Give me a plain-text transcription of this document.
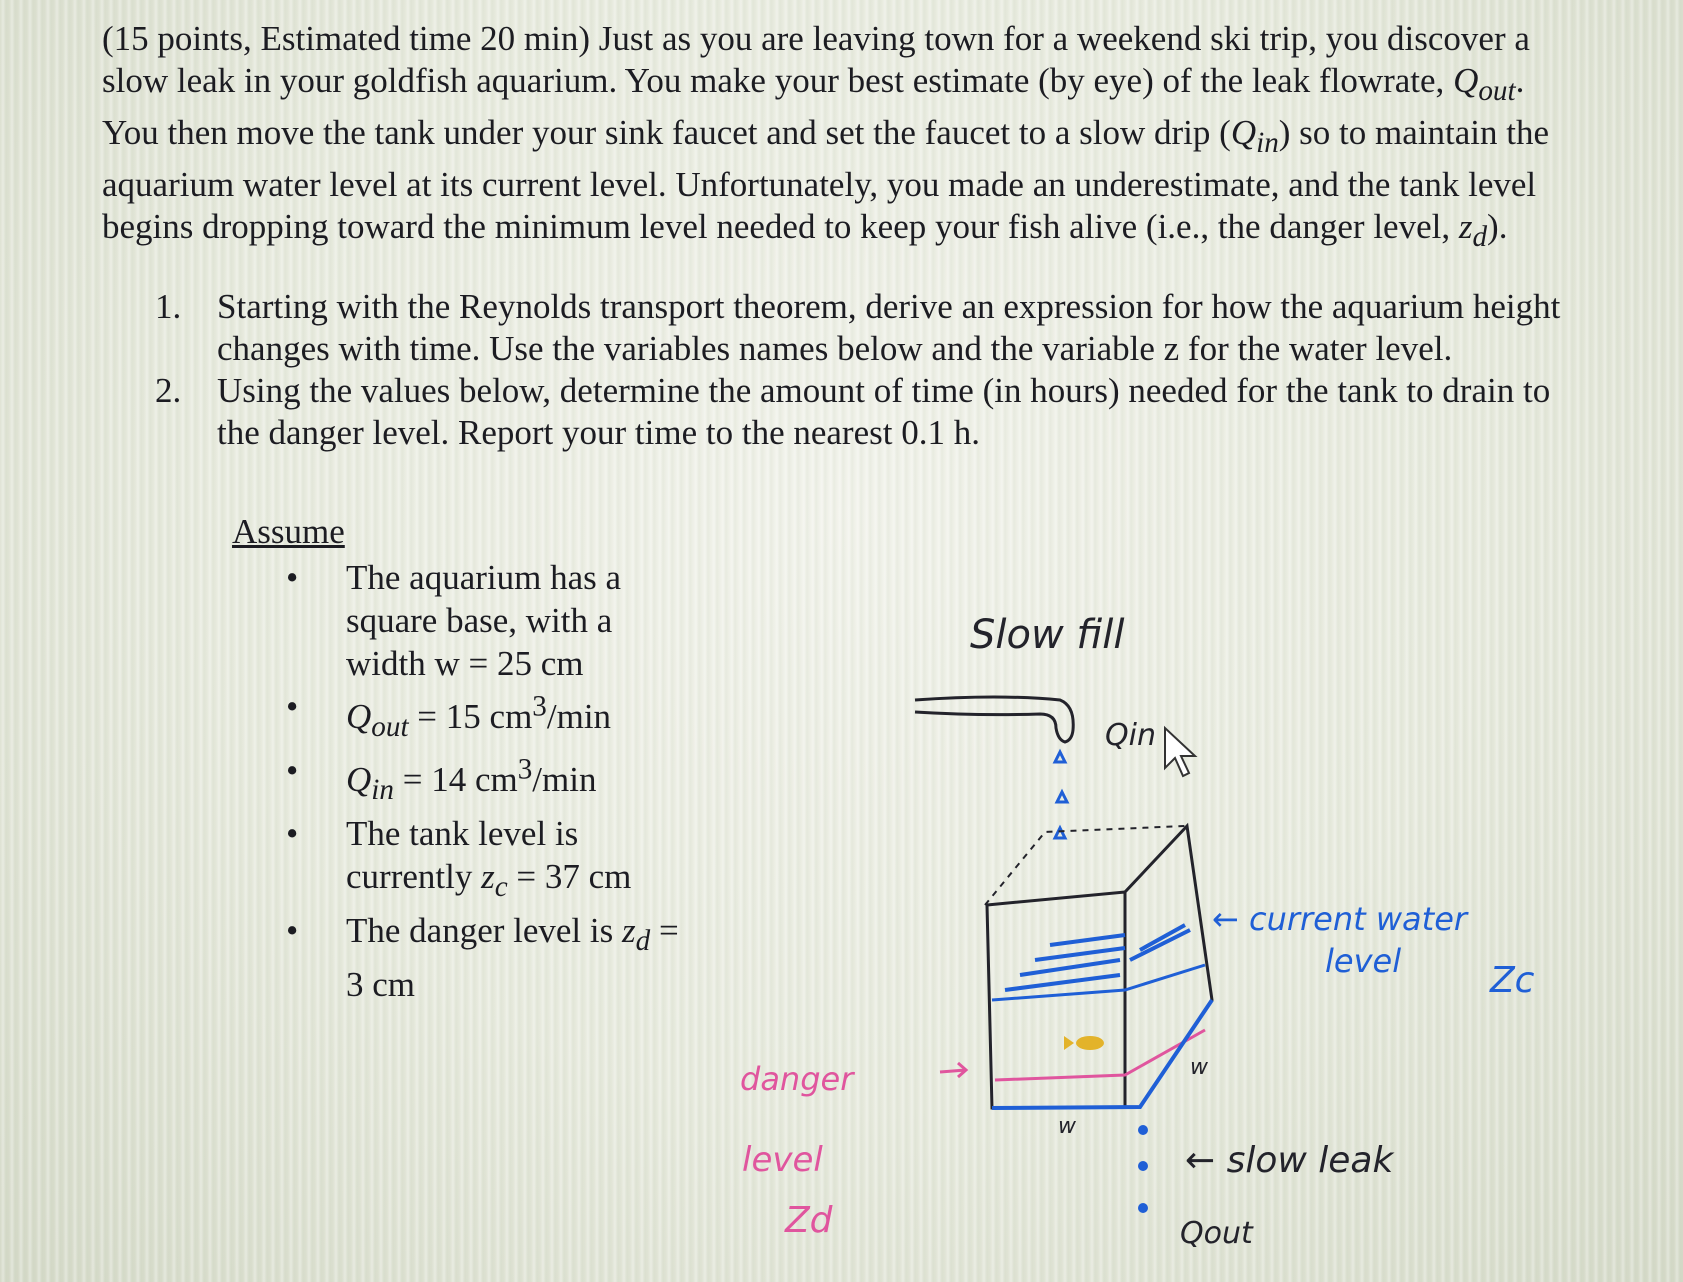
(15 points, Estimated time 20 min) Just as you are leaving town for a weekend ski trip, you discover a slow leak in your goldfish aquarium. You make your best estimate (by eye) of the leak flowrate, $Q_{out}$. You then move the tank under your sink faucet and set the faucet to a slow drip $(Q_{in})$ so to maintain the aquarium water level at its current level. Unfortunately, you made an underestimate, and the tank level begins dropping toward the minimum level needed to keep your fish alive (i.e., the danger level, $z_d$).

1. Starting with the Reynolds transport theorem, derive an expression for how the aquarium height changes with time. Use the variables names below and the variable z for the water level.
2. Using the values below, determine the amount of time (in hours) needed for the tank to drain to the danger level. Report your time to the nearest 0.1 h.
Assume
• The aquarium has a square base, with a width w = 25 cm
• $Q_{out} = 15$ $cm^3/\min$
• $Q_{in} = 14$ $cm^3/\min$
• The tank level is currently $z_c = 37$ cm
• The danger level is $z_d = 3$ cm
Slow fill
Qin
← current water
level Zc
danger
level
Zd
← slow leak
Qout
w
w
